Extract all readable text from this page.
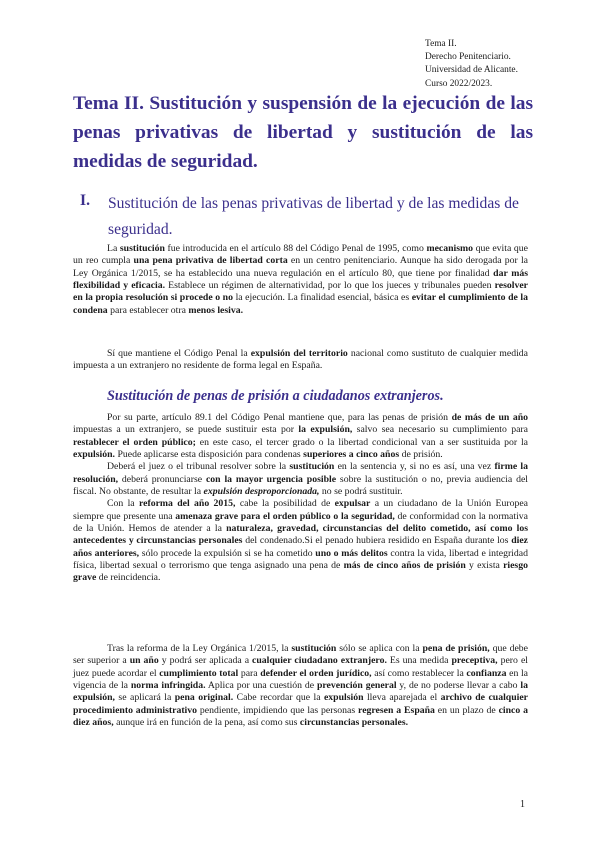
Tema II.
Derecho Penitenciario.
Universidad de Alicante.
Curso 2022/2023.
Tema II. Sustitución y suspensión de la ejecución de las penas privativas de libertad y sustitución de las medidas de seguridad.
I. Sustitución de las penas privativas de libertad y de las medidas de seguridad.

La sustitución fue introducida en el artículo 88 del Código Penal de 1995, como mecanismo que evita que un reo cumpla una pena privativa de libertad corta en un centro penitenciario. Aunque ha sido derogada por la Ley Orgánica 1/2015, se ha establecido una nueva regulación en el artículo 80, que tiene por finalidad dar más flexibilidad y eficacia. Establece un régimen de alternatividad, por lo que los jueces y tribunales pueden resolver en la propia resolución si procede o no la ejecución. La finalidad esencial, básica es evitar el cumplimiento de la condena para establecer otra menos lesiva.

Sí que mantiene el Código Penal la expulsión del territorio nacional como sustituto de cualquier medida impuesta a un extranjero no residente de forma legal en España.

Sustitución de penas de prisión a ciudadanos extranjeros.

Por su parte, artículo 89.1 del Código Penal mantiene que, para las penas de prisión de más de un año impuestas a un extranjero, se puede sustituir esta por la expulsión, salvo sea necesario su cumplimiento para restablecer el orden público; en este caso, el tercer grado o la libertad condicional van a ser sustituida por la expulsión. Puede aplicarse esta disposición para condenas superiores a cinco años de prisión.

Deberá el juez o el tribunal resolver sobre la sustitución en la sentencia y, si no es así, una vez firme la resolución, deberá pronunciarse con la mayor urgencia posible sobre la sustitución o no, previa audiencia del fiscal. No obstante, de resultar la expulsión desproporcionada, no se podrá sustituir.

Con la reforma del año 2015, cabe la posibilidad de expulsar a un ciudadano de la Unión Europea siempre que presente una amenaza grave para el orden público o la seguridad, de conformidad con la normativa de la Unión. Hemos de atender a la naturaleza, gravedad, circunstancias del delito cometido, así como los antecedentes y circunstancias personales del condenado.Si el penado hubiera residido en España durante los diez años anteriores, sólo procede la expulsión si se ha cometido uno o más delitos contra la vida, libertad e integridad física, libertad sexual o terrorismo que tenga asignado una pena de más de cinco años de prisión y exista riesgo grave de reincidencia.

Tras la reforma de la Ley Orgánica 1/2015, la sustitución sólo se aplica con la pena de prisión, que debe ser superior a un año y podrá ser aplicada a cualquier ciudadano extranjero. Es una medida preceptiva, pero el juez puede acordar el cumplimiento total para defender el orden jurídico, así como restablecer la confianza en la vigencia de la norma infringida. Aplica por una cuestión de prevención general y, de no poderse llevar a cabo la expulsión, se aplicará la pena original. Cabe recordar que la expulsión lleva aparejada el archivo de cualquier procedimiento administrativo pendiente, impidiendo que las personas regresen a España en un plazo de cinco a diez años, aunque irá en función de la pena, así como sus circunstancias personales.

1
